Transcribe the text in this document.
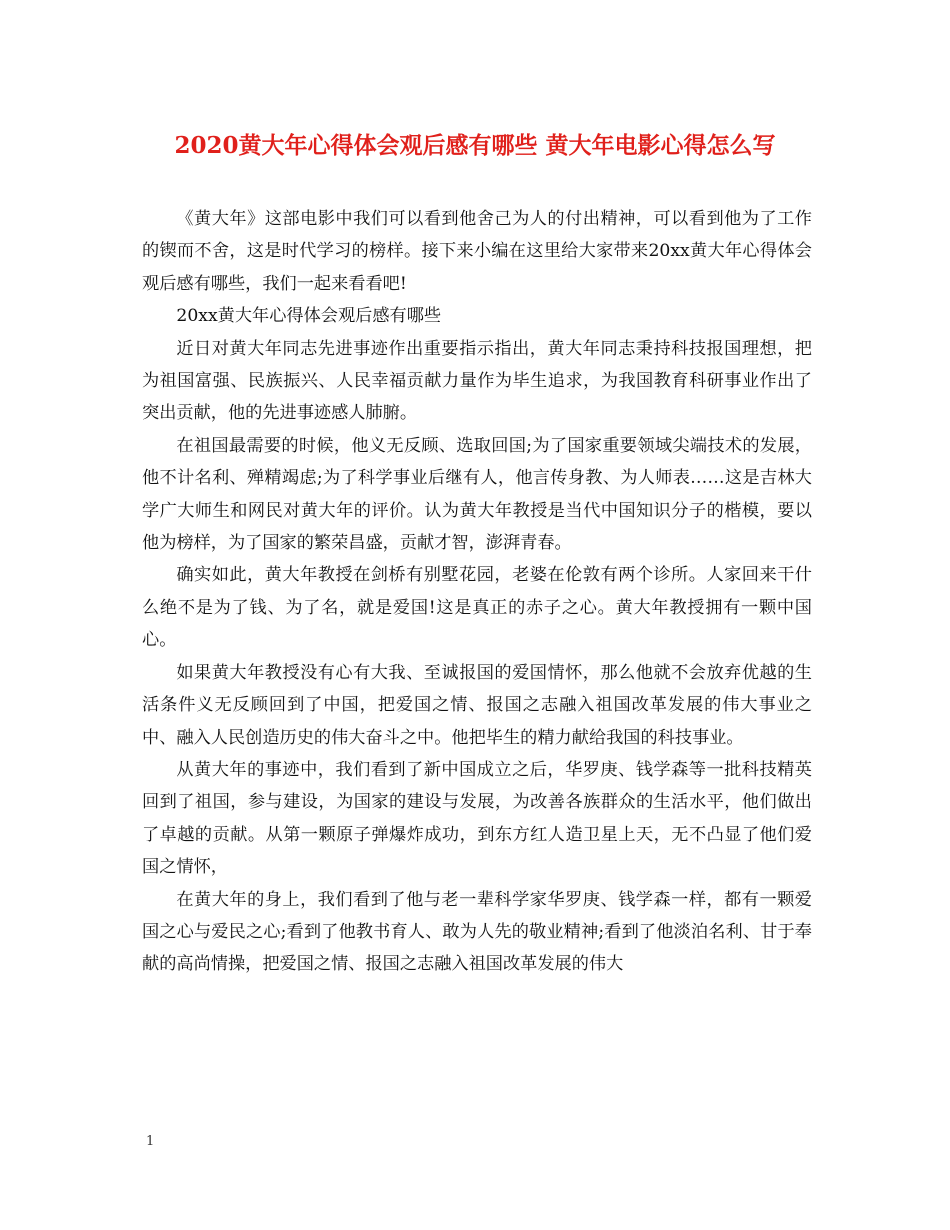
2020黄大年心得体会观后感有哪些 黄大年电影心得怎么写

《黄大年》这部电影中我们可以看到他舍己为人的付出精神，可以看到他为了工作的锲而不舍，这是时代学习的榜样。接下来小编在这里给大家带来20xx黄大年心得体会观后感有哪些，我们一起来看看吧!

20xx黄大年心得体会观后感有哪些

近日对黄大年同志先进事迹作出重要指示指出，黄大年同志秉持科技报国理想，把为祖国富强、民族振兴、人民幸福贡献力量作为毕生追求，为我国教育科研事业作出了突出贡献，他的先进事迹感人肺腑。

在祖国最需要的时候，他义无反顾、选取回国;为了国家重要领域尖端技术的发展，他不计名利、殚精竭虑;为了科学事业后继有人，他言传身教、为人师表……这是吉林大学广大师生和网民对黄大年的评价。认为黄大年教授是当代中国知识分子的楷模，要以他为榜样，为了国家的繁荣昌盛，贡献才智，澎湃青春。

确实如此，黄大年教授在剑桥有别墅花园，老婆在伦敦有两个诊所。人家回来干什么绝不是为了钱、为了名，就是爱国!这是真正的赤子之心。黄大年教授拥有一颗中国心。

如果黄大年教授没有心有大我、至诚报国的爱国情怀，那么他就不会放弃优越的生活条件义无反顾回到了中国，把爱国之情、报国之志融入祖国改革发展的伟大事业之中、融入人民创造历史的伟大奋斗之中。他把毕生的精力献给我国的科技事业。

从黄大年的事迹中，我们看到了新中国成立之后，华罗庚、钱学森等一批科技精英回到了祖国，参与建设，为国家的建设与发展，为改善各族群众的生活水平，他们做出了卓越的贡献。从第一颗原子弹爆炸成功，到东方红人造卫星上天，无不凸显了他们爱国之情怀，

在黄大年的身上，我们看到了他与老一辈科学家华罗庚、钱学森一样，都有一颗爱国之心与爱民之心;看到了他教书育人、敢为人先的敬业精神;看到了他淡泊名利、甘于奉献的高尚情操，把爱国之情、报国之志融入祖国改革发展的伟大

1
